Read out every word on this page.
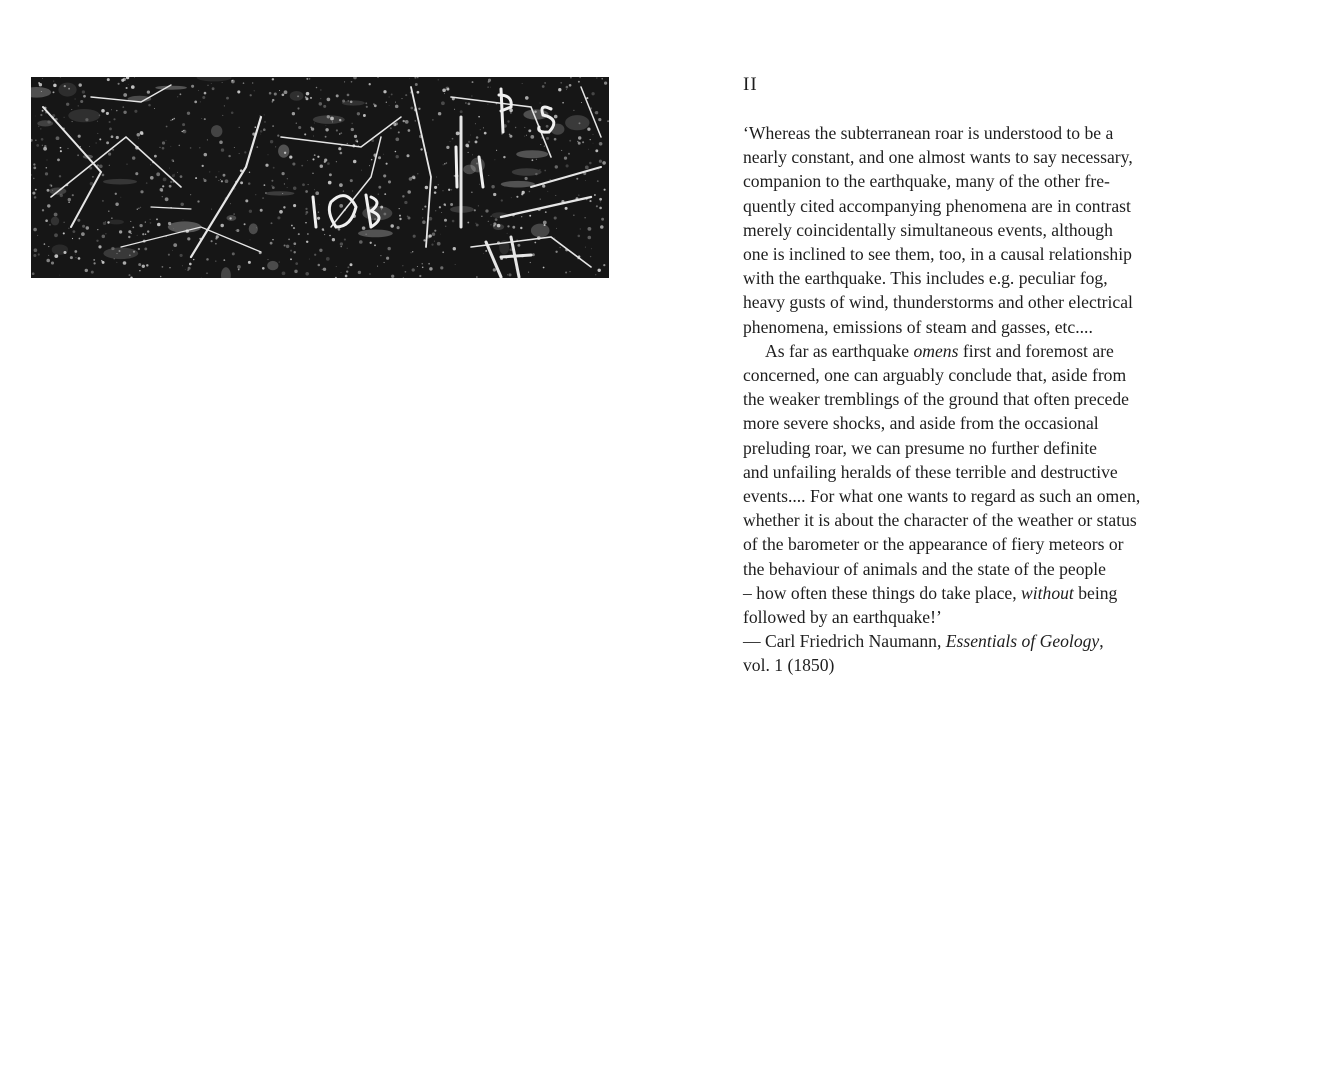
II
‘Whereas the subterranean roar is understood to be a
nearly constant, and one almost wants to say necessary,
companion to the earthquake, many of the other fre-
quently cited accompanying phenomena are in contrast
merely coincidentally simultaneous events, although
one is inclined to see them, too, in a causal relationship
with the earthquake. This includes e.g. peculiar fog,
heavy gusts of wind, thunderstorms and other electrical
phenomena, emissions of steam and gasses, etc....
As far as earthquake omens first and foremost are
concerned, one can arguably conclude that, aside from
the weaker tremblings of the ground that often precede
more severe shocks, and aside from the occasional
preluding roar, we can presume no further definite
and unfailing heralds of these terrible and destructive
events.... For what one wants to regard as such an omen,
whether it is about the character of the weather or status
of the barometer or the appearance of fiery meteors or
the behaviour of animals and the state of the people
– how often these things do take place, without being
followed by an earthquake!’
— Carl Friedrich Naumann, Essentials of Geology,
vol. 1 (1850)
